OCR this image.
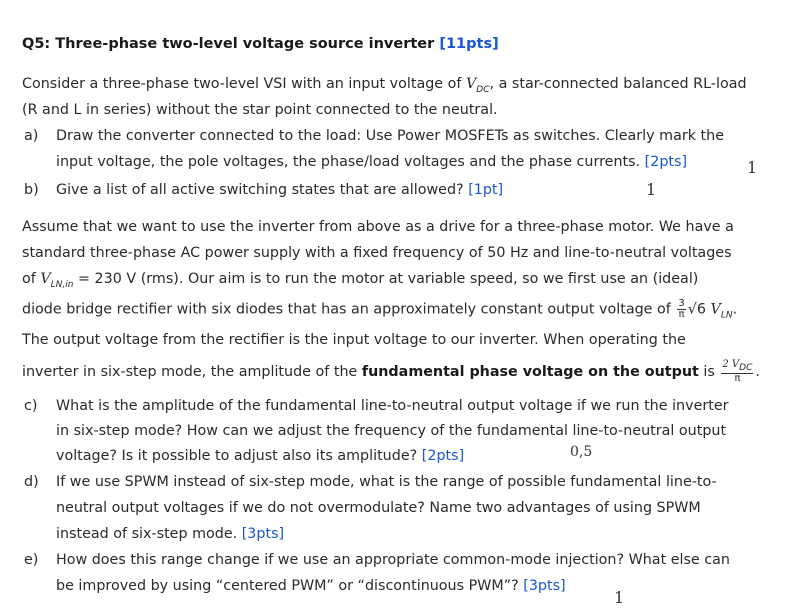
Q5: Three-phase two-level voltage source inverter [11pts]
Consider a three-phase two-level VSI with an input voltage of $V_{DC}$, a star-connected balanced RL-load
(R and L in series) without the star point connected to the neutral.
a) Draw the converter connected to the load: Use Power MOSFETs as switches. Clearly mark the
input voltage, the pole voltages, the phase/load voltages and the phase currents. [2pts]	1
b) Give a list of all active switching states that are allowed? [1pt]	1
Assume that we want to use the inverter from above as a drive for a three-phase motor. We have a
standard three-phase AC power supply with a fixed frequency of 50 Hz and line-to-neutral voltages
of $V_{LN,in} = 230$ V (rms). Our aim is to run the motor at variable speed, so we first use an (ideal)
diode bridge rectifier with six diodes that has an approximately constant output voltage of $\frac{3}{\pi} √6$ $V_{LN}$.
The output voltage from the rectifier is the input voltage to our inverter. When operating the
inverter in six-step mode, the amplitude of the fundamental phase voltage on the output is $\frac{2 V_{DC}}{\pi}$ .
c) What is the amplitude of the fundamental line-to-neutral output voltage if we run the inverter
in six-step mode? How can we adjust the frequency of the fundamental line-to-neutral output
voltage? Is it possible to adjust also its amplitude? [2pts]	0,5
d) If we use SPWM instead of six-step mode, what is the range of possible fundamental line-to-
neutral output voltages if we do not overmodulate? Name two advantages of using SPWM
instead of six-step mode. [3pts]
e) How does this range change if we use an appropriate common-mode injection? What else can
be improved by using “centered PWM” or “discontinuous PWM”? [3pts]
1
